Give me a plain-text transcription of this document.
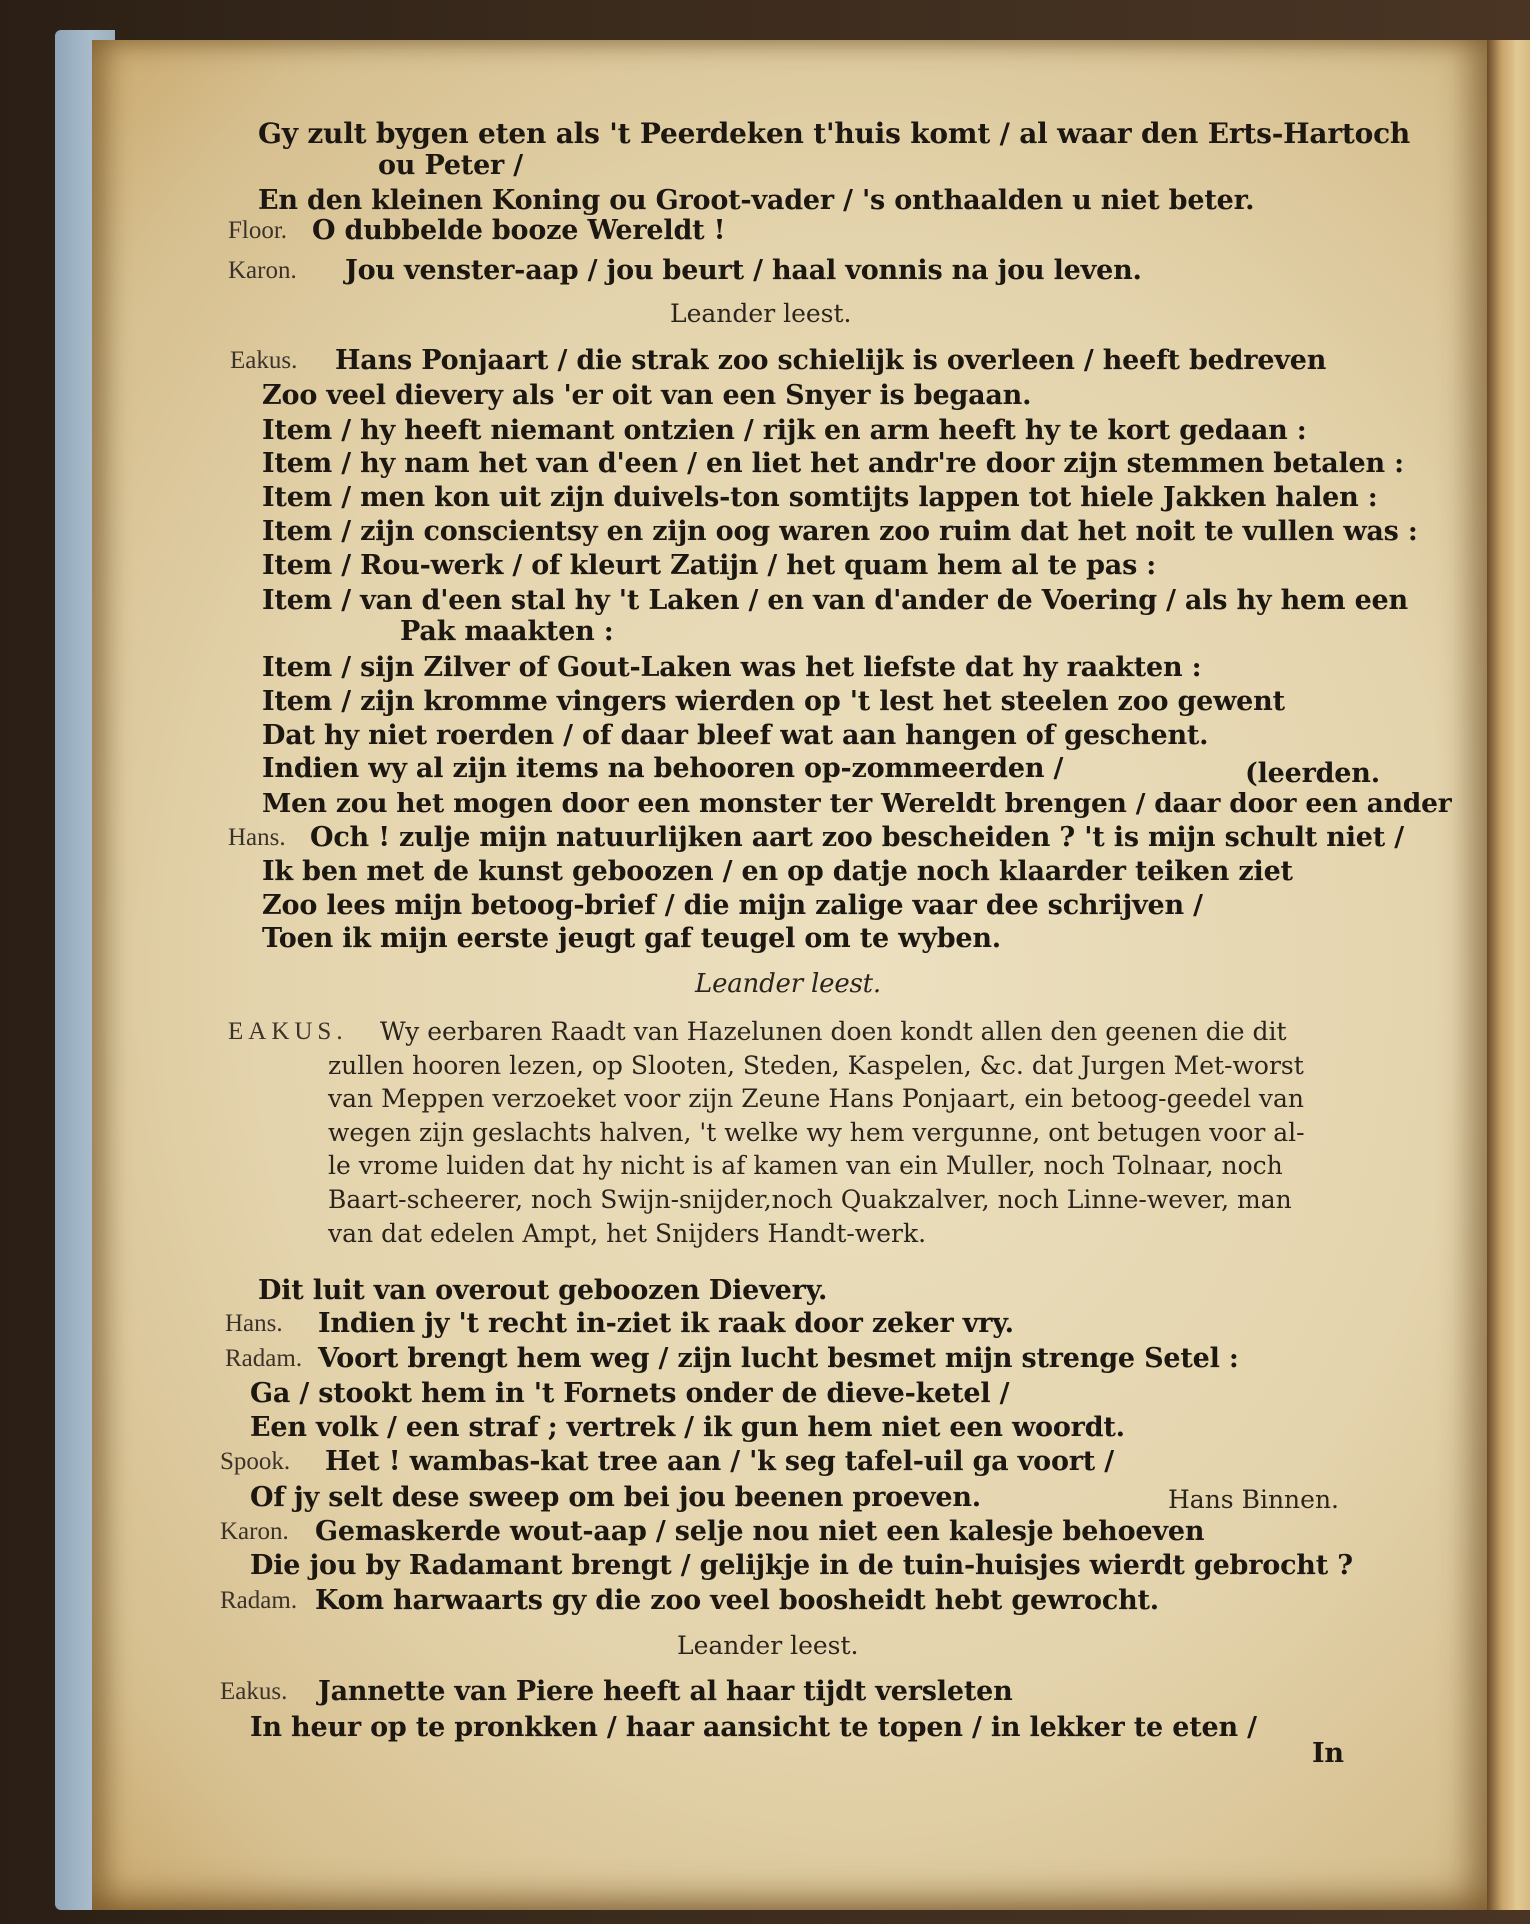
Gy zult bygen eten als 't Peerdeken t'huis komt / al waar den Erts-Hartoch
ou Peter /
En den kleinen Koning ou Groot-vader / 's onthaalden u niet beter.
Floor. O dubbelde booze Wereldt !
Karon. Jou venster-aap / jou beurt / haal vonnis na jou leven.
Leander leest.
Eakus. Hans Ponjaart / die strak zoo schielijk is overleen / heeft bedreven
Zoo veel dievery als 'er oit van een Snyer is begaan.
Item / hy heeft niemant ontzien / rijk en arm heeft hy te kort gedaan :
Item / hy nam het van d'een / en liet het andr're door zijn stemmen betalen :
Item / men kon uit zijn duivels-ton somtijts lappen tot hiele Jakken halen :
Item / zijn conscientsy en zijn oog waren zoo ruim dat het noit te vullen was :
Item / Rou-werk / of kleurt Zatijn / het quam hem al te pas :
Item / van d'een stal hy 't Laken / en van d'ander de Voering / als hy hem een
Pak maakten :
Item / sijn Zilver of Gout-Laken was het liefste dat hy raakten :
Item / zijn kromme vingers wierden op 't lest het steelen zoo gewent
Dat hy niet roerden / of daar bleef wat aan hangen of geschent.
Indien wy al zijn items na behooren op-zommeerden /	(leerden.
Men zou het mogen door een monster ter Wereldt brengen / daar door een ander
Hans. Och ! zulje mijn natuurlijken aart zoo bescheiden ? 't is mijn schult niet /
Ik ben met de kunst geboozen / en op datje noch klaarder teiken ziet
Zoo lees mijn betoog-brief / die mijn zalige vaar dee schrijven /
Toen ik mijn eerste jeugt gaf teugel om te wyben.
Leander leest.
EAKUS. Wy eerbaren Raadt van Hazelunen doen kondt allen den geenen die dit
zullen hooren lezen, op Slooten, Steden, Kaspelen, &c. dat Jurgen Met-worst
van Meppen verzoeket voor zijn Zeune Hans Ponjaart, ein betoog-geedel van
wegen zijn geslachts halven, 't welke wy hem vergunne, ont betugen voor al-
le vrome luiden dat hy nicht is af kamen van ein Muller, noch Tolnaar, noch
Baart-scheerer, noch Swijn-snijder,noch Quakzalver, noch Linne-wever, man
van dat edelen Ampt, het Snijders Handt-werk.
Dit luit van overout geboozen Dievery.
Hans. Indien jy 't recht in-ziet ik raak door zeker vry.
Radam. Voort brengt hem weg / zijn lucht besmet mijn strenge Setel :
Ga / stookt hem in 't Fornets onder de dieve-ketel /
Een volk / een straf ; vertrek / ik gun hem niet een woordt.
Spook. Het ! wambas-kat tree aan / 'k seg tafel-uil ga voort /
Of jy selt dese sweep om bei jou beenen proeven.	Hans Binnen.
Karon. Gemaskerde wout-aap / selje nou niet een kalesje behoeven
Die jou by Radamant brengt / gelijkje in de tuin-huisjes wierdt gebrocht ?
Radam. Kom harwaarts gy die zoo veel boosheidt hebt gewrocht.
Leander leest.
Eakus. Jannette van Piere heeft al haar tijdt versleten
In heur op te pronkken / haar aansicht te topen / in lekker te eten /
In
